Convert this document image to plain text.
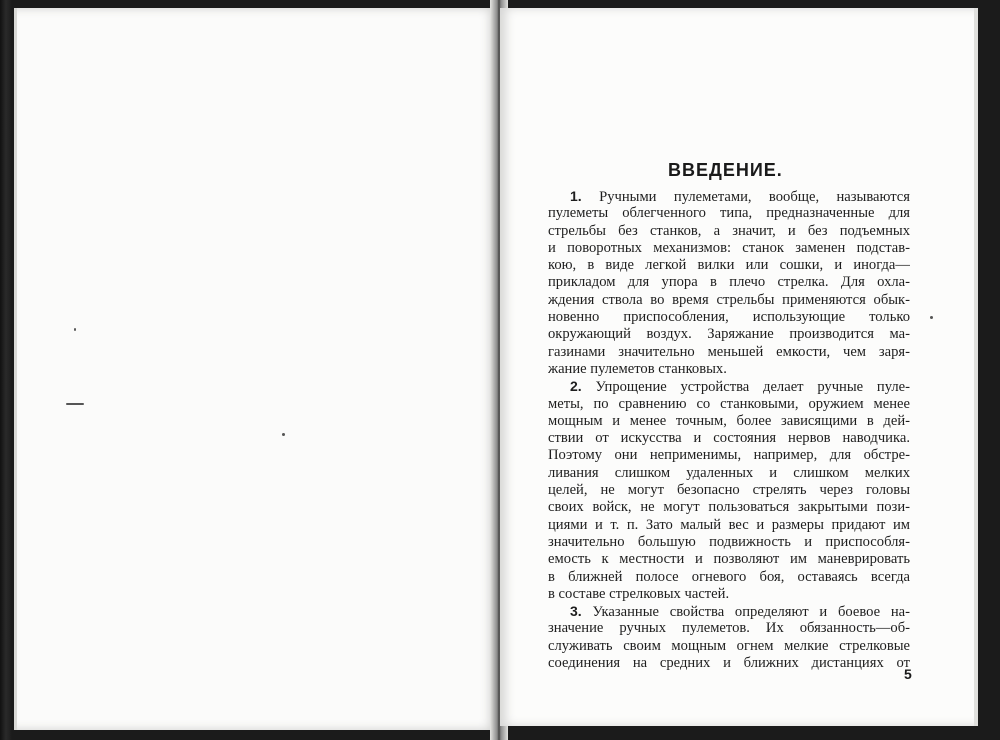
ВВЕДЕНИЕ.
1. Ручными пулеметами, вообще, называются
пулеметы облегченного типа, предназначенные для
стрельбы без станков, а значит, и без подъемных
и поворотных механизмов: станок заменен подстав-
кою, в виде легкой вилки или сошки, и иногда—
прикладом для упора в плечо стрелка. Для охла-
ждения ствола во время стрельбы применяются обык-
новенно приспособления, использующие только
окружающий воздух. Заряжание производится ма-
газинами значительно меньшей емкости, чем заря-
жание пулеметов станковых.
2. Упрощение устройства делает ручные пуле-
меты, по сравнению со станковыми, оружием менее
мощным и менее точным, более зависящими в дей-
ствии от искусства и состояния нервов наводчика.
Поэтому они неприменимы, например, для обстре-
ливания слишком удаленных и слишком мелких
целей, не могут безопасно стрелять через головы
своих войск, не могут пользоваться закрытыми пози-
циями и т. п. Зато малый вес и размеры придают им
значительно большую подвижность и приспособля-
емость к местности и позволяют им маневрировать
в ближней полосе огневого боя, оставаясь всегда
в составе стрелковых частей.
3. Указанные свойства определяют и боевое на-
значение ручных пулеметов. Их обязанность—об-
служивать своим мощным огнем мелкие стрелковые
соединения на средних и ближних дистанциях от
5
